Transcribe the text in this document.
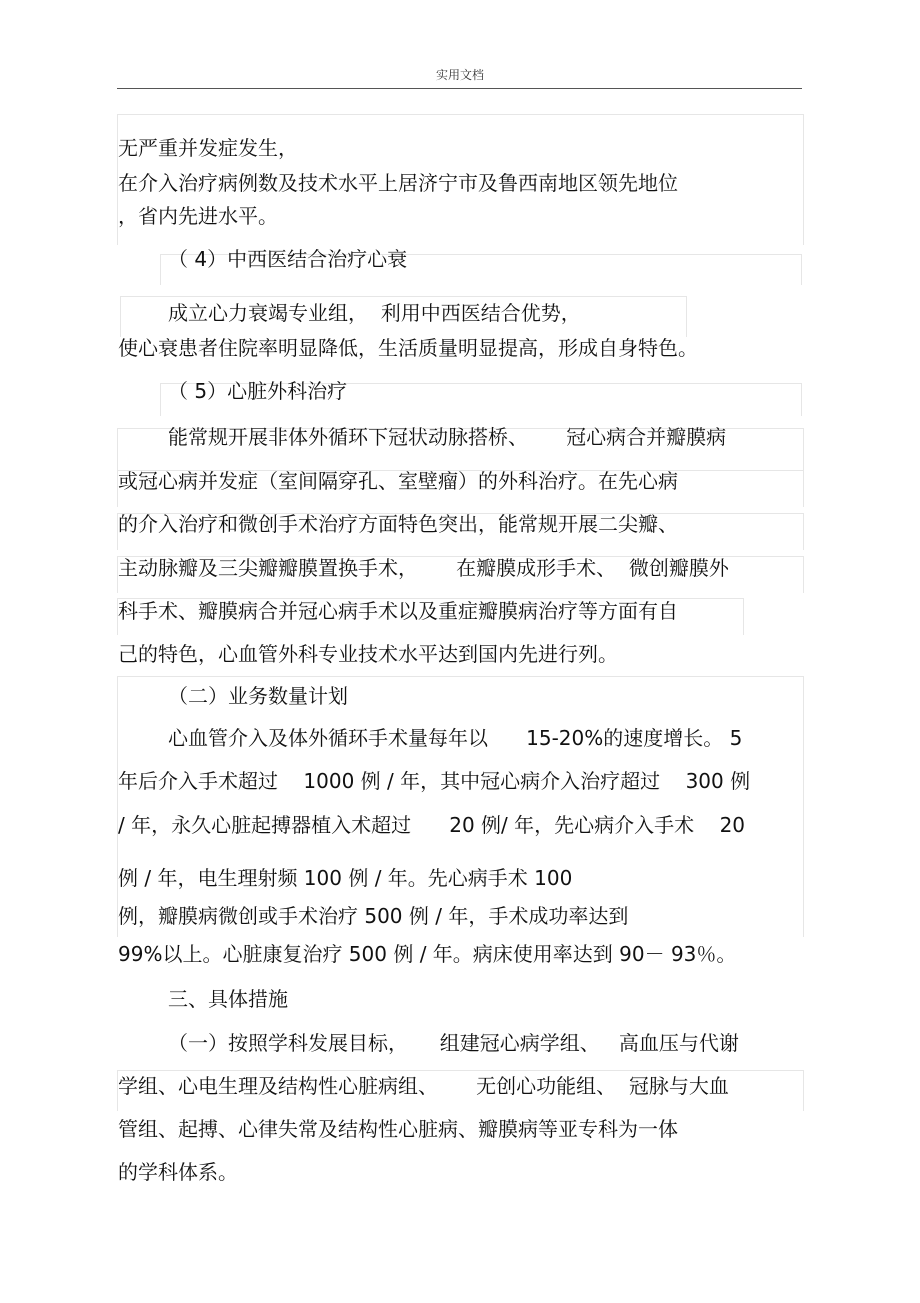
实用文档
无严重并发症发生，
在介入治疗病例数及技术水平上居济宁市及鲁西南地区领先地位
，省内先进水平。
（ 4）中西医结合治疗心衰
成立心力衰竭专业组，  利用中西医结合优势，
使心衰患者住院率明显降低，生活质量明显提高，形成自身特色。
（ 5）心脏外科治疗
能常规开展非体外循环下冠状动脉搭桥、      冠心病合并瓣膜病
或冠心病并发症（室间隔穿孔、室壁瘤）的外科治疗。在先心病
的介入治疗和微创手术治疗方面特色突出，能常规开展二尖瓣、
主动脉瓣及三尖瓣瓣膜置换手术，      在瓣膜成形手术、  微创瓣膜外
科手术、瓣膜病合并冠心病手术以及重症瓣膜病治疗等方面有自
己的特色，心血管外科专业技术水平达到国内先进行列。
（二）业务数量计划
心血管介入及体外循环手术量每年以      15-20%的速度增长。 5
年后介入手术超过    1000 例 / 年，其中冠心病介入治疗超过    300 例
/ 年，永久心脏起搏器植入术超过      20 例/ 年，先心病介入手术    20
例 / 年，电生理射频 100 例 / 年。先心病手术 100
例，瓣膜病微创或手术治疗 500 例 / 年，手术成功率达到
99%以上。心脏康复治疗 500 例 / 年。病床使用率达到 90－ 93％。
三、具体措施
（一）按照学科发展目标，     组建冠心病学组、   高血压与代谢
学组、心电生理及结构性心脏病组、      无创心功能组、  冠脉与大血
管组、起搏、心律失常及结构性心脏病、瓣膜病等亚专科为一体
的学科体系。
